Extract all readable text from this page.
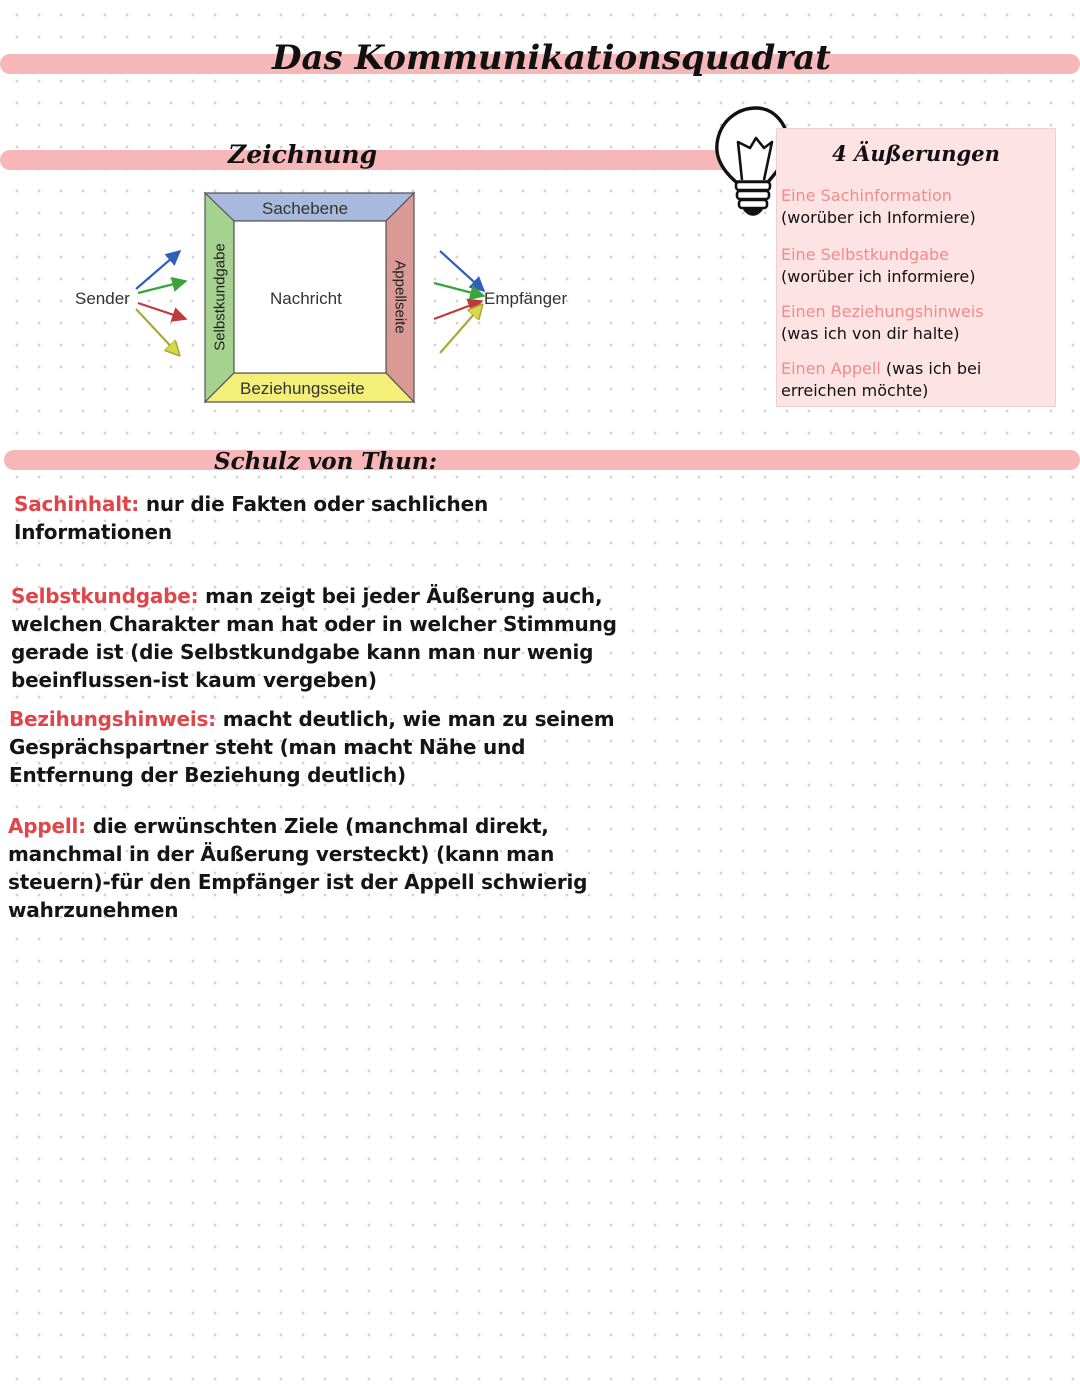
Das Kommunikationsquadrat
Zeichnung
Sender	Empfänger
Nachricht
Sachebene
Beziehungsseite
Selbstkundgabe	Appellseite
4 Äußerungen
Eine Sachinformation
(worüber ich Informiere)
Eine Selbstkundgabe
(worüber ich informiere)
Einen Beziehungshinweis
(was ich von dir halte)
Einen Appell (was ich bei erreichen möchte)
Schulz von Thun:

Sachinhalt: nur die Fakten oder sachlichen Informationen

Selbstkundgabe: man zeigt bei jeder Äußerung auch, welchen Charakter man hat oder in welcher Stimmung gerade ist (die Selbstkundgabe kann man nur wenig beeinflussen-ist kaum vergeben)

Bezihungshinweis: macht deutlich, wie man zu seinem Gesprächspartner steht (man macht Nähe und Entfernung der Beziehung deutlich)

Appell: die erwünschten Ziele (manchmal direkt, manchmal in der Äußerung versteckt) (kann man steuern)-für den Empfänger ist der Appell schwierig wahrzunehmen
